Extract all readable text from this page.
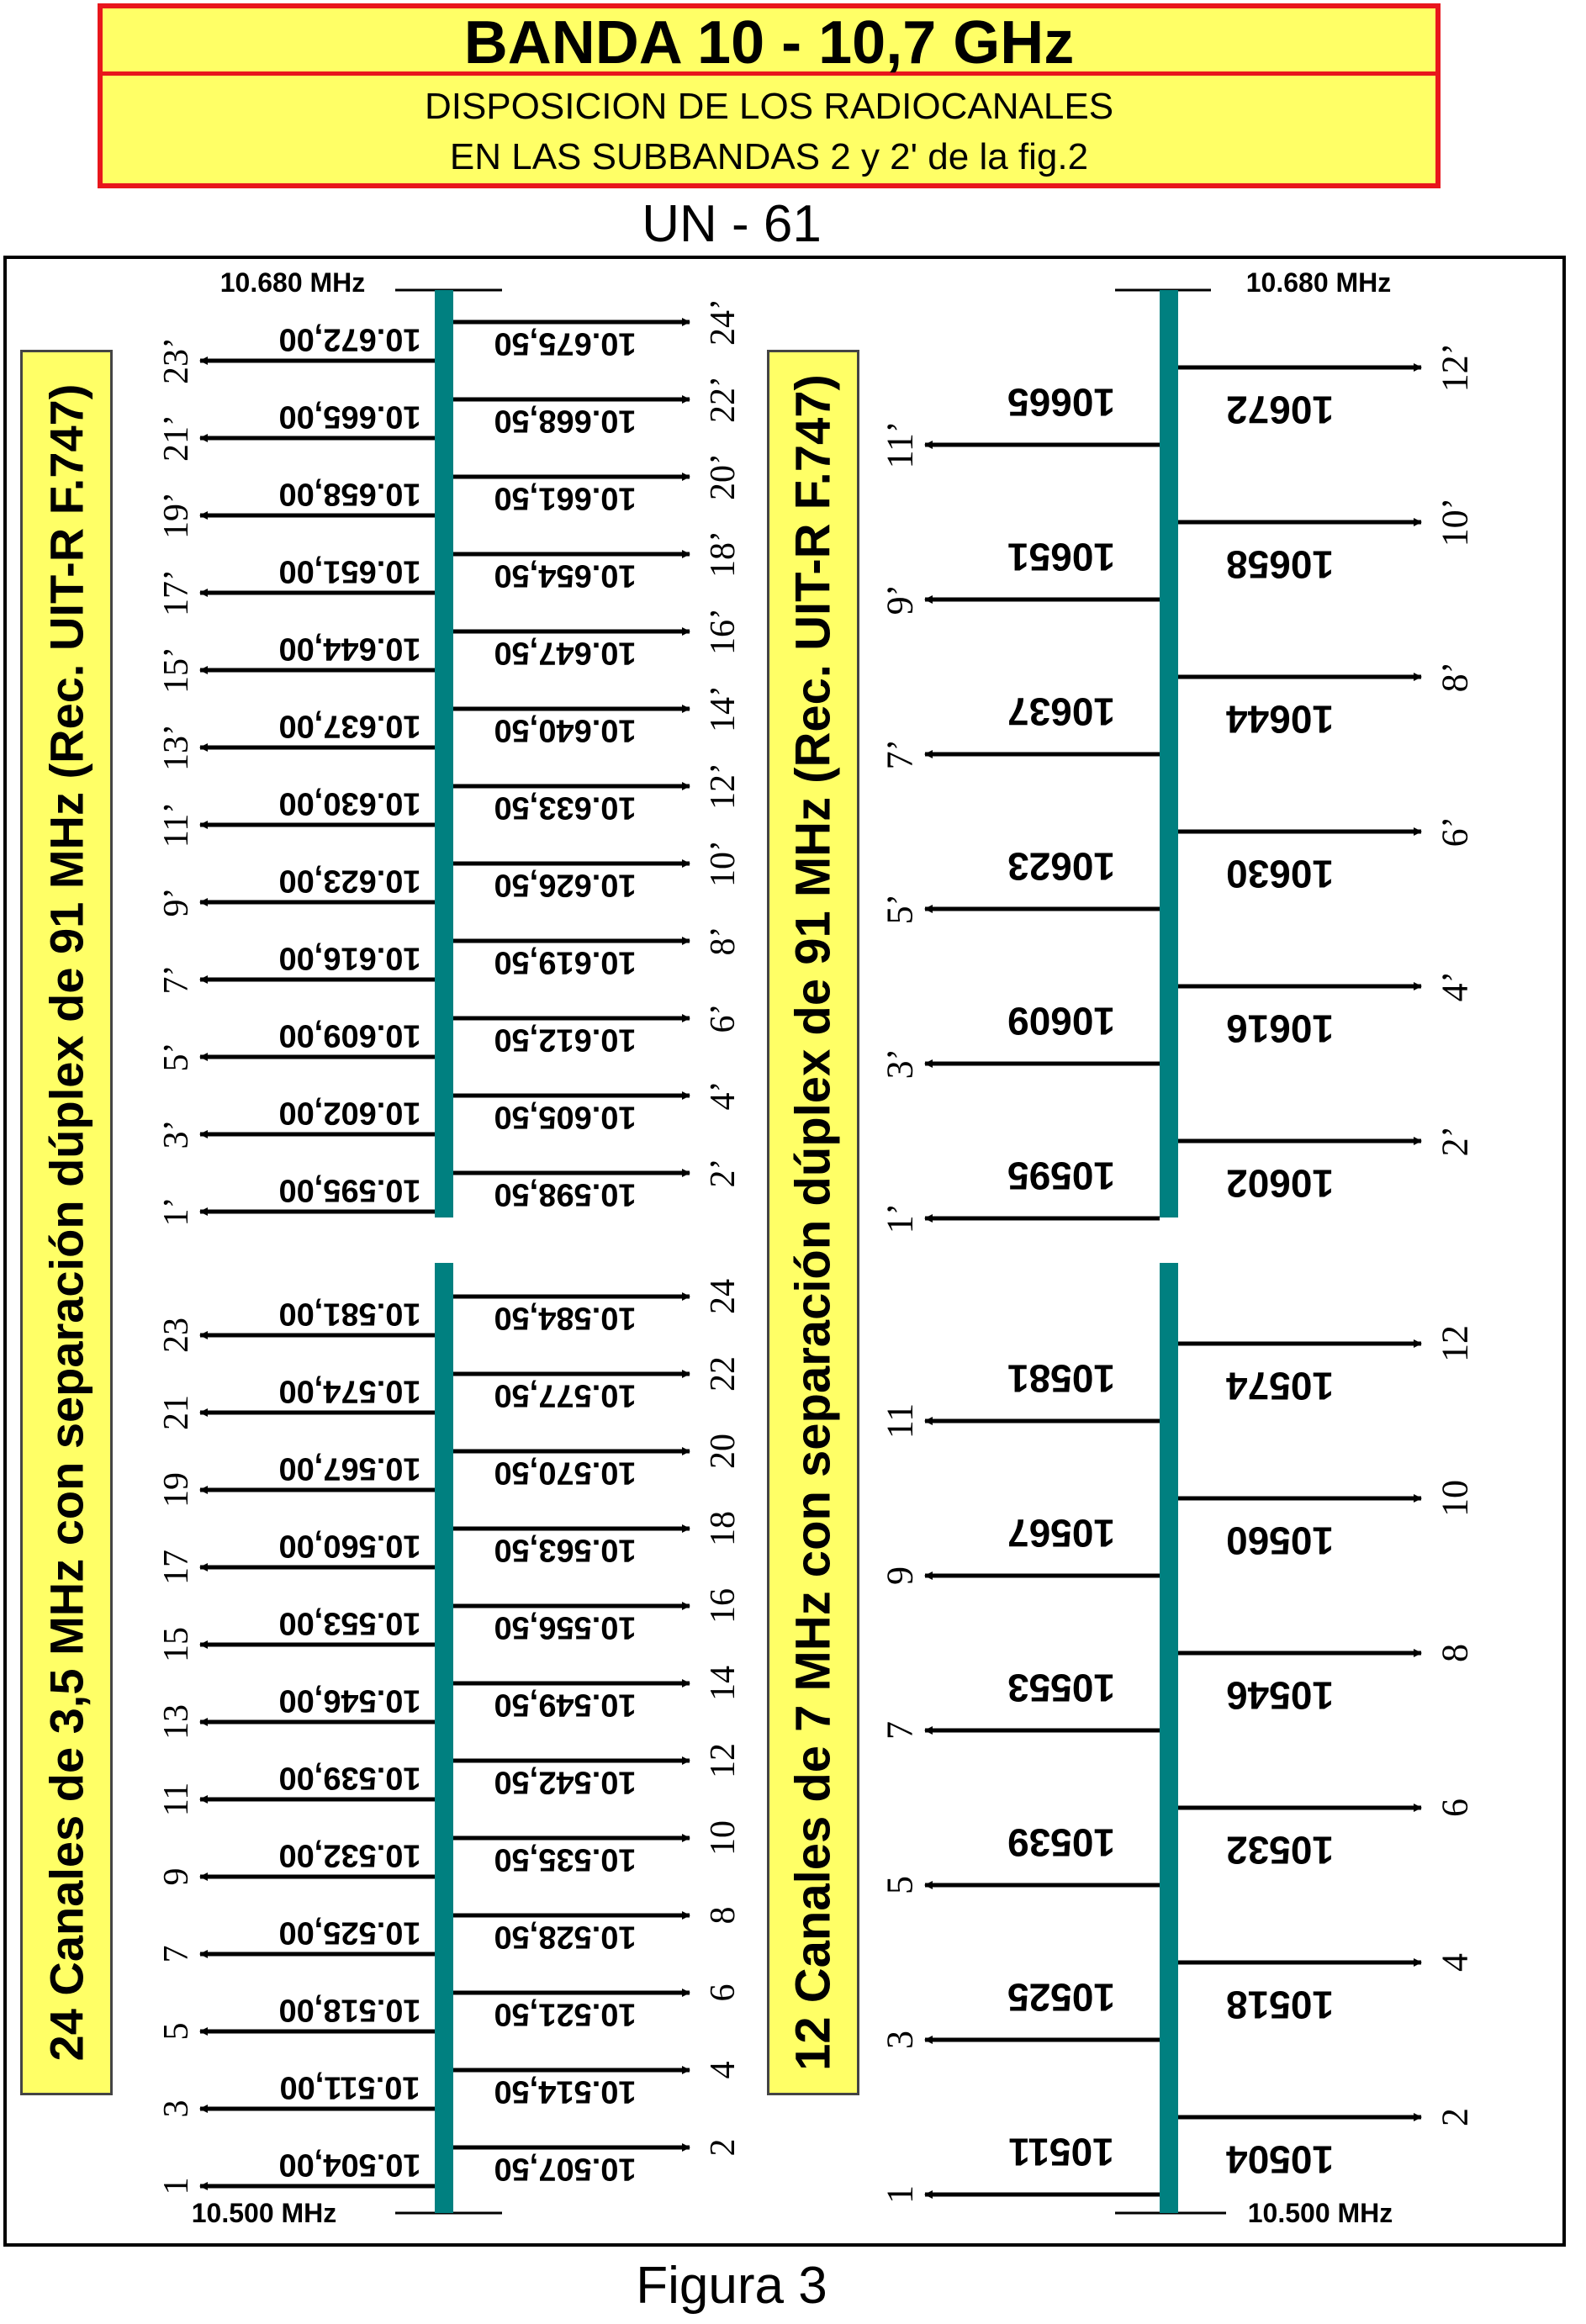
BANDA 10 - 10,7 GHz
DISPOSICION DE LOS RADIOCANALES
EN LAS SUBBANDAS 2 y 2' de la fig.2
UN - 61
24 Canales de 3,5 MHz con separación dúplex de 91 MHz (Rec. UIT-R F.747)	12 Canales de 7 MHz con separación dúplex de 91 MHz (Rec. UIT-R F.747)
10.680 MHz
10.500 MHz
10.675,50 24’
10.668,50 22’
10.661,50 20’
10.654,50 18’
10.647,50 16’
10.640,50 14’
10.633,50 12’
10.626,50 10’
10.619,50
8’
10.612,50
6’
10.605,50
4’
10.598,50
2’
10.672,00
23’
10.665,00
21’
10.658,00
19’
10.651,00
17’
10.644,00
15’
10.637,00
13’
10.630,00
11’
10.623,00
9’
10.616,00
7’
10.609,00
5’
10.602,00
3’
10.595,00
1’
10.584,50
24
10.577,50
22
10.570,50
20
10.563,50
18
10.556,50
16
10.549,50
14
10.542,50
12
10.535,50
10
10.528,50
8
10.521,50
6
10.514,50
4
10.507,50
2
10.581,00
23
10.574,00
21
10.567,00
19
10.560,00
17
10.553,00
15
10.546,00
13
10.539,00
11
10.532,00
9
10.525,00
7
10.518,00
5
10.511,00
3
10.504,00
1
10.680 MHz
10.500 MHz
10672
12’
10658
10’
10644
8’
10630
6’
10616
4’
10602
2’
10665
11’
10651
9’
10637
7’
10623
5’
10609
3’
10595
1’
10574
12
10560
10
10546
8
10532
6
10518
4
10504
2
10581
11
10567
9
10553
7
10539
5
10525
3
10511
1
Figura 3
